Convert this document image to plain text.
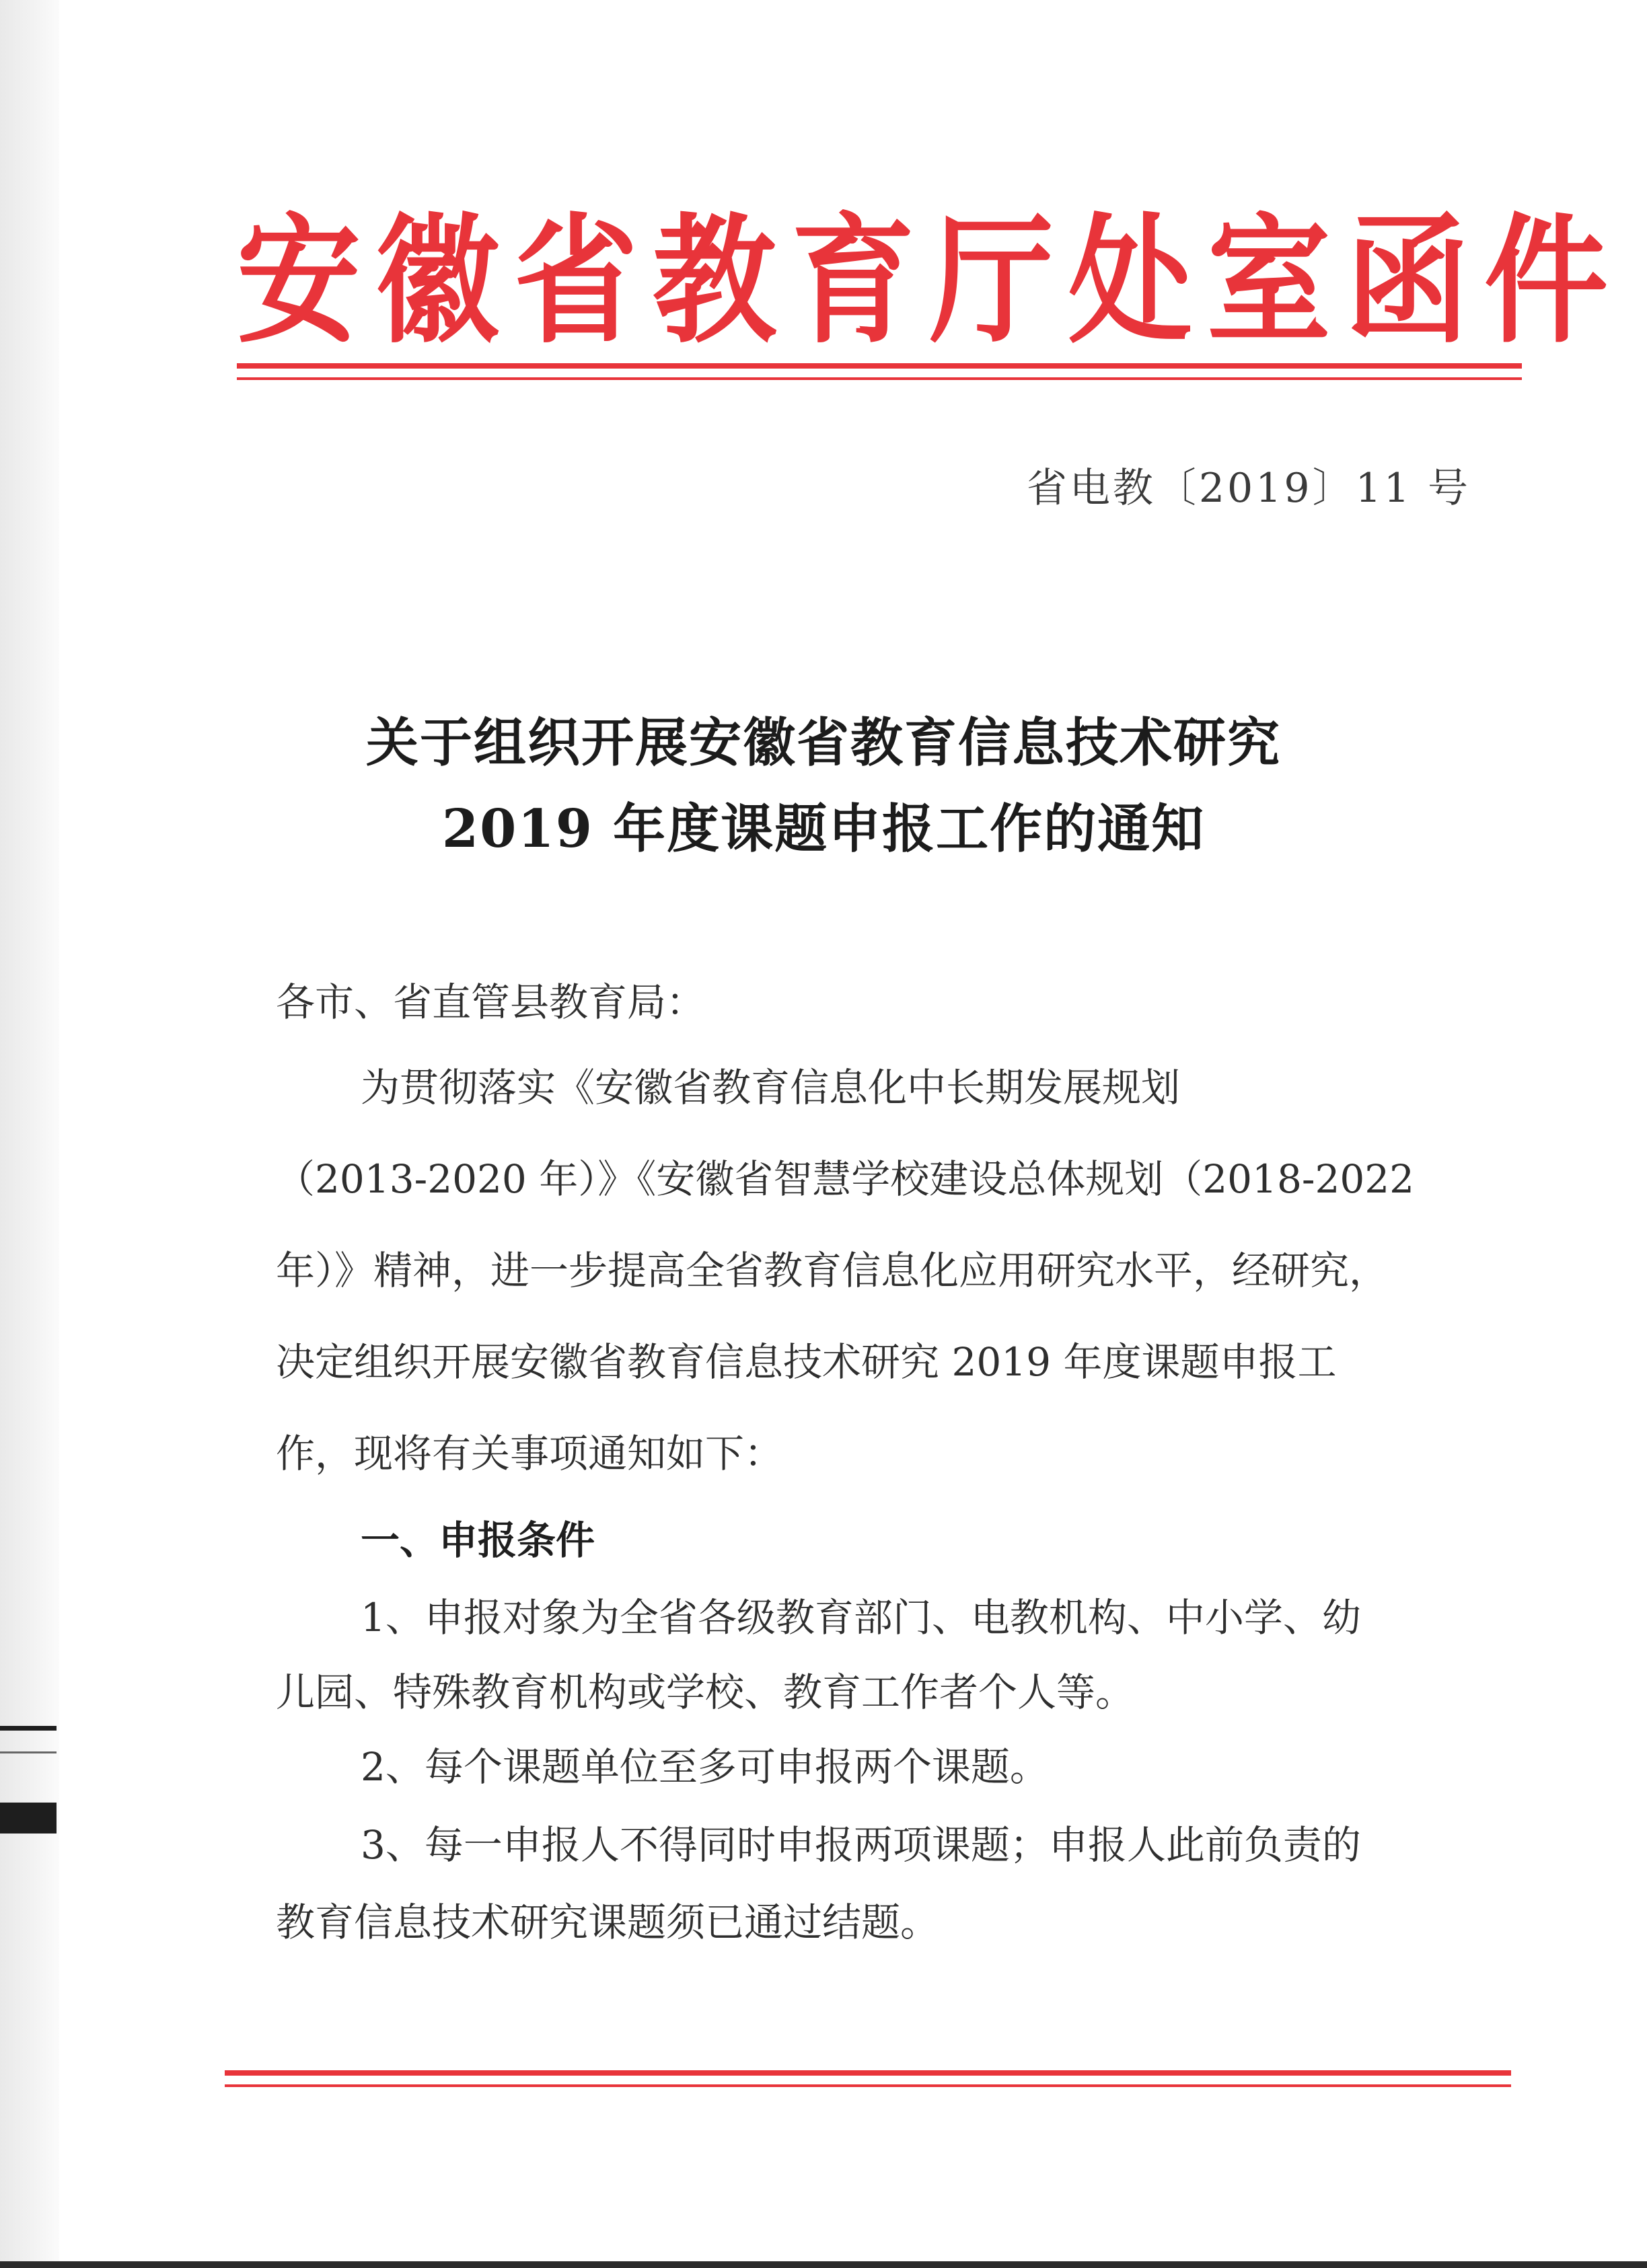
安徽省教育厅处室函件
省电教〔2019〕11 号
关于组织开展安徽省教育信息技术研究
2019 年度课题申报工作的通知
各市、省直管县教育局：
为贯彻落实《安徽省教育信息化中长期发展规划
（2013-2020 年）》《安徽省智慧学校建设总体规划（2018-2022
年）》精神，进一步提高全省教育信息化应用研究水平，经研究，
决定组织开展安徽省教育信息技术研究 2019 年度课题申报工
作，现将有关事项通知如下：
一、申报条件
1、申报对象为全省各级教育部门、电教机构、中小学、幼
儿园、特殊教育机构或学校、教育工作者个人等。
2、每个课题单位至多可申报两个课题。
3、每一申报人不得同时申报两项课题；申报人此前负责的
教育信息技术研究课题须已通过结题。
